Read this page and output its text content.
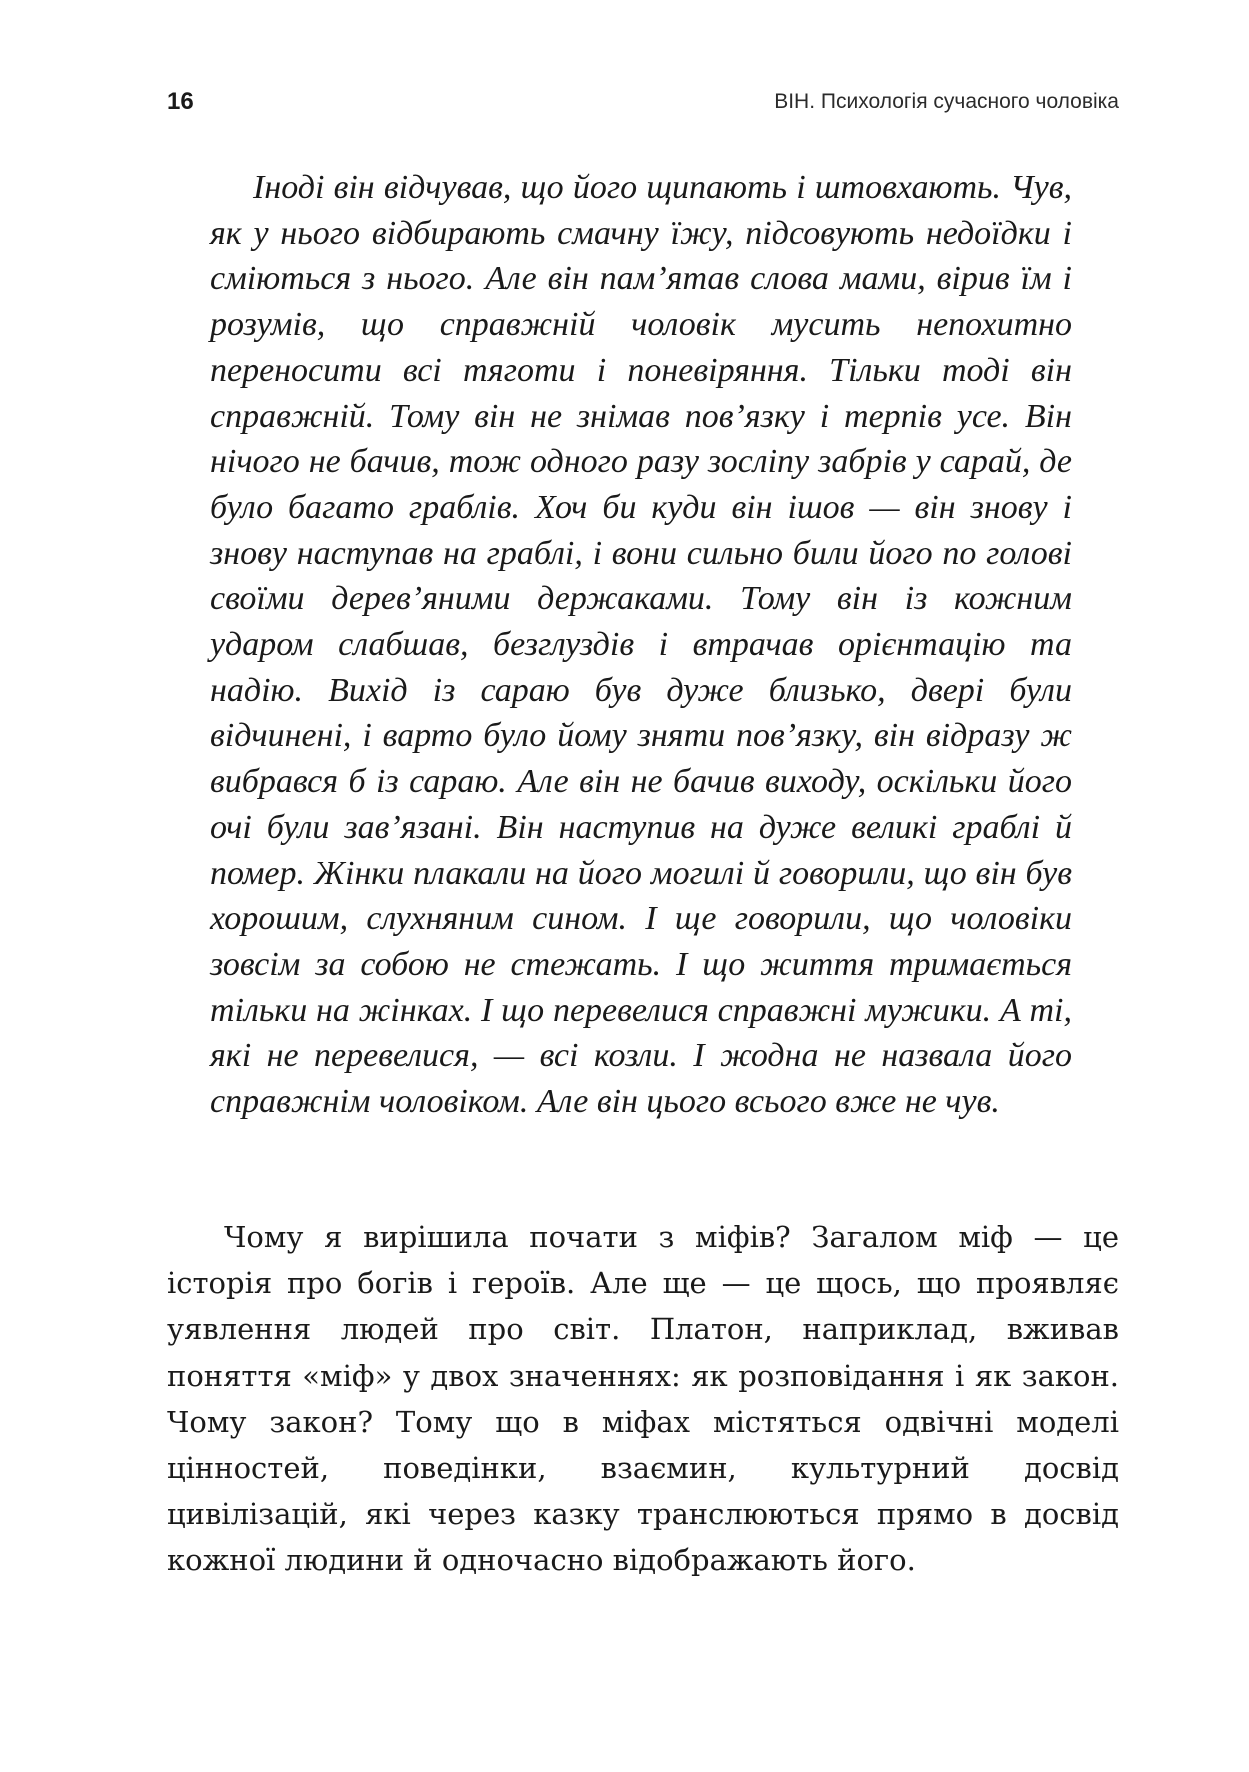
16	ВІН. Психологія сучасного чоловіка

Іноді він відчував, що його щипають і штовхають. Чув, як у нього відбирають смачну їжу, підсовують недоїдки і сміються з нього. Але він пам’ятав слова мами, вірив їм і розумів, що справжній чоловік мусить непохитно переносити всі тяготи і поневіряння. Тільки тоді він справжній. Тому він не знімав пов’язку і терпів усе. Він нічого не бачив, тож одного разу зосліпу забрів у сарай, де було багато граблів. Хоч би куди він ішов — він знову і знову наступав на граблі, і вони сильно били його по голові своїми дерев’яними держаками. Тому він із кожним ударом слабшав, безглуздів і втрачав орієнтацію та надію. Вихід із сараю був дуже близько, двері були відчинені, і варто було йому зняти пов’язку, він відразу ж вибрався б із сараю. Але він не бачив виходу, оскільки його очі були зав’язані. Він наступив на дуже великі граблі й помер. Жінки плакали на його могилі й говорили, що він був хорошим, слухняним сином. І ще говорили, що чоловіки зовсім за собою не стежать. І що життя тримається тільки на жінках. І що перевелися справжні мужики. А ті, які не перевелися, — всі козли. І жодна не назвала його справжнім чоловіком. Але він цього всього вже не чув.

Чому я вирішила почати з міфів? Загалом міф — це історія про богів і героїв. Але ще — це щось, що проявляє уявлення людей про світ. Платон, наприклад, вживав поняття «міф» у двох значеннях: як розповідання і як закон. Чому закон? Тому що в міфах містяться одвічні моделі цінностей, поведінки, взаємин, культурний досвід цивілізацій, які через казку транслюються прямо в досвід кожної людини й одночасно відображають його.
